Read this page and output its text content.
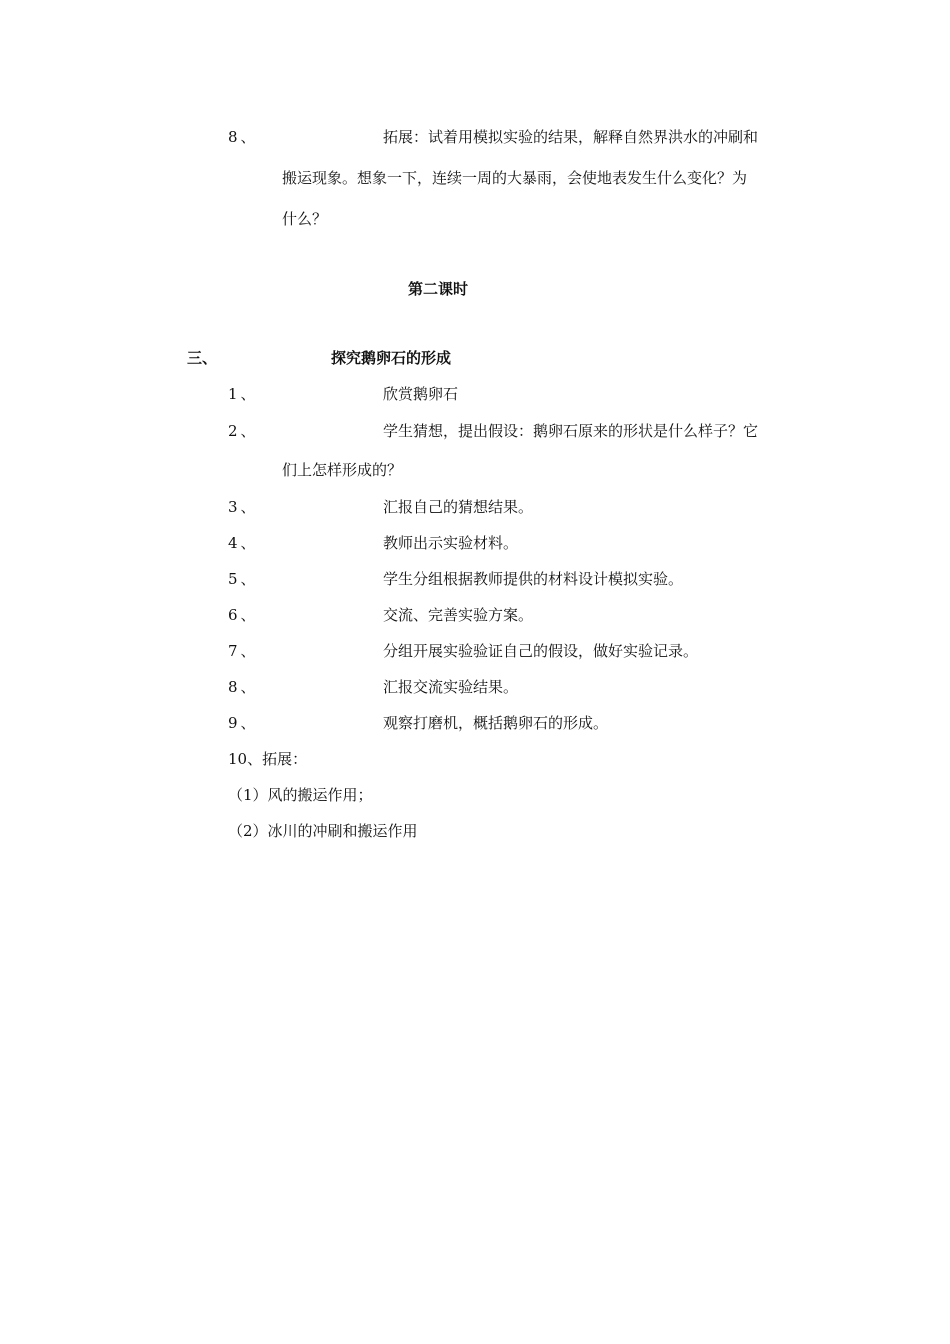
8、	拓展：试着用模拟实验的结果，解释自然界洪水的冲刷和
搬运现象。想象一下，连续一周的大暴雨，会使地表发生什么变化？为
什么？
第二课时
三、	探究鹅卵石的形成
1、	欣赏鹅卵石
2、	学生猜想，提出假设：鹅卵石原来的形状是什么样子？它
们上怎样形成的？
3、	汇报自己的猜想结果。
4、	教师出示实验材料。
5、	学生分组根据教师提供的材料设计模拟实验。
6、	交流、完善实验方案。
7、	分组开展实验验证自己的假设，做好实验记录。
8、	汇报交流实验结果。
9、	观察打磨机，概括鹅卵石的形成。
10、拓展：
（1）风的搬运作用；
（2）冰川的冲刷和搬运作用
